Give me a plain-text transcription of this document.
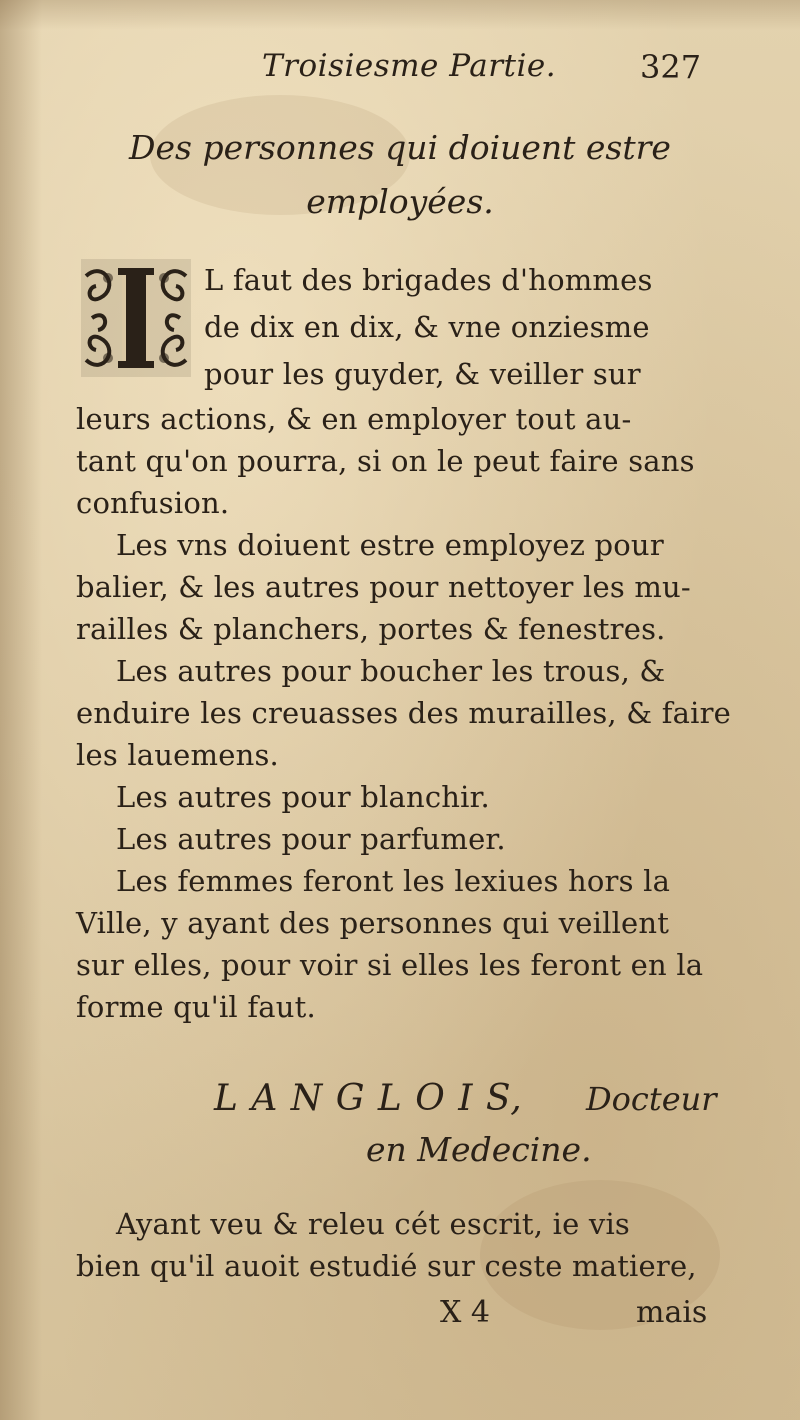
Troisiesme Partie.	327
Des personnes qui doiuent estre
employées.
L faut des brigades d'hommes
de dix en dix, & vne onziesme
pour les guyder, & veiller sur
leurs actions, & en employer tout au-
tant qu'on pourra, si on le peut faire sans
confusion.
Les vns doiuent estre employez pour
balier, & les autres pour nettoyer les mu-
railles & planchers, portes & fenestres.
Les autres pour boucher les trous, &
enduire les creuasses des murailles, & faire
les lauemens.
Les autres pour blanchir.
Les autres pour parfumer.
Les femmes feront les lexiues hors la
Ville, y ayant des personnes qui veillent
sur elles, pour voir si elles les feront en la
forme qu'il faut.
L A N G L O I S, Docteur
en Medecine.
Ayant veu & releu cét escrit, ie vis
bien qu'il auoit estudié sur ceste matiere,
X 4	mais
